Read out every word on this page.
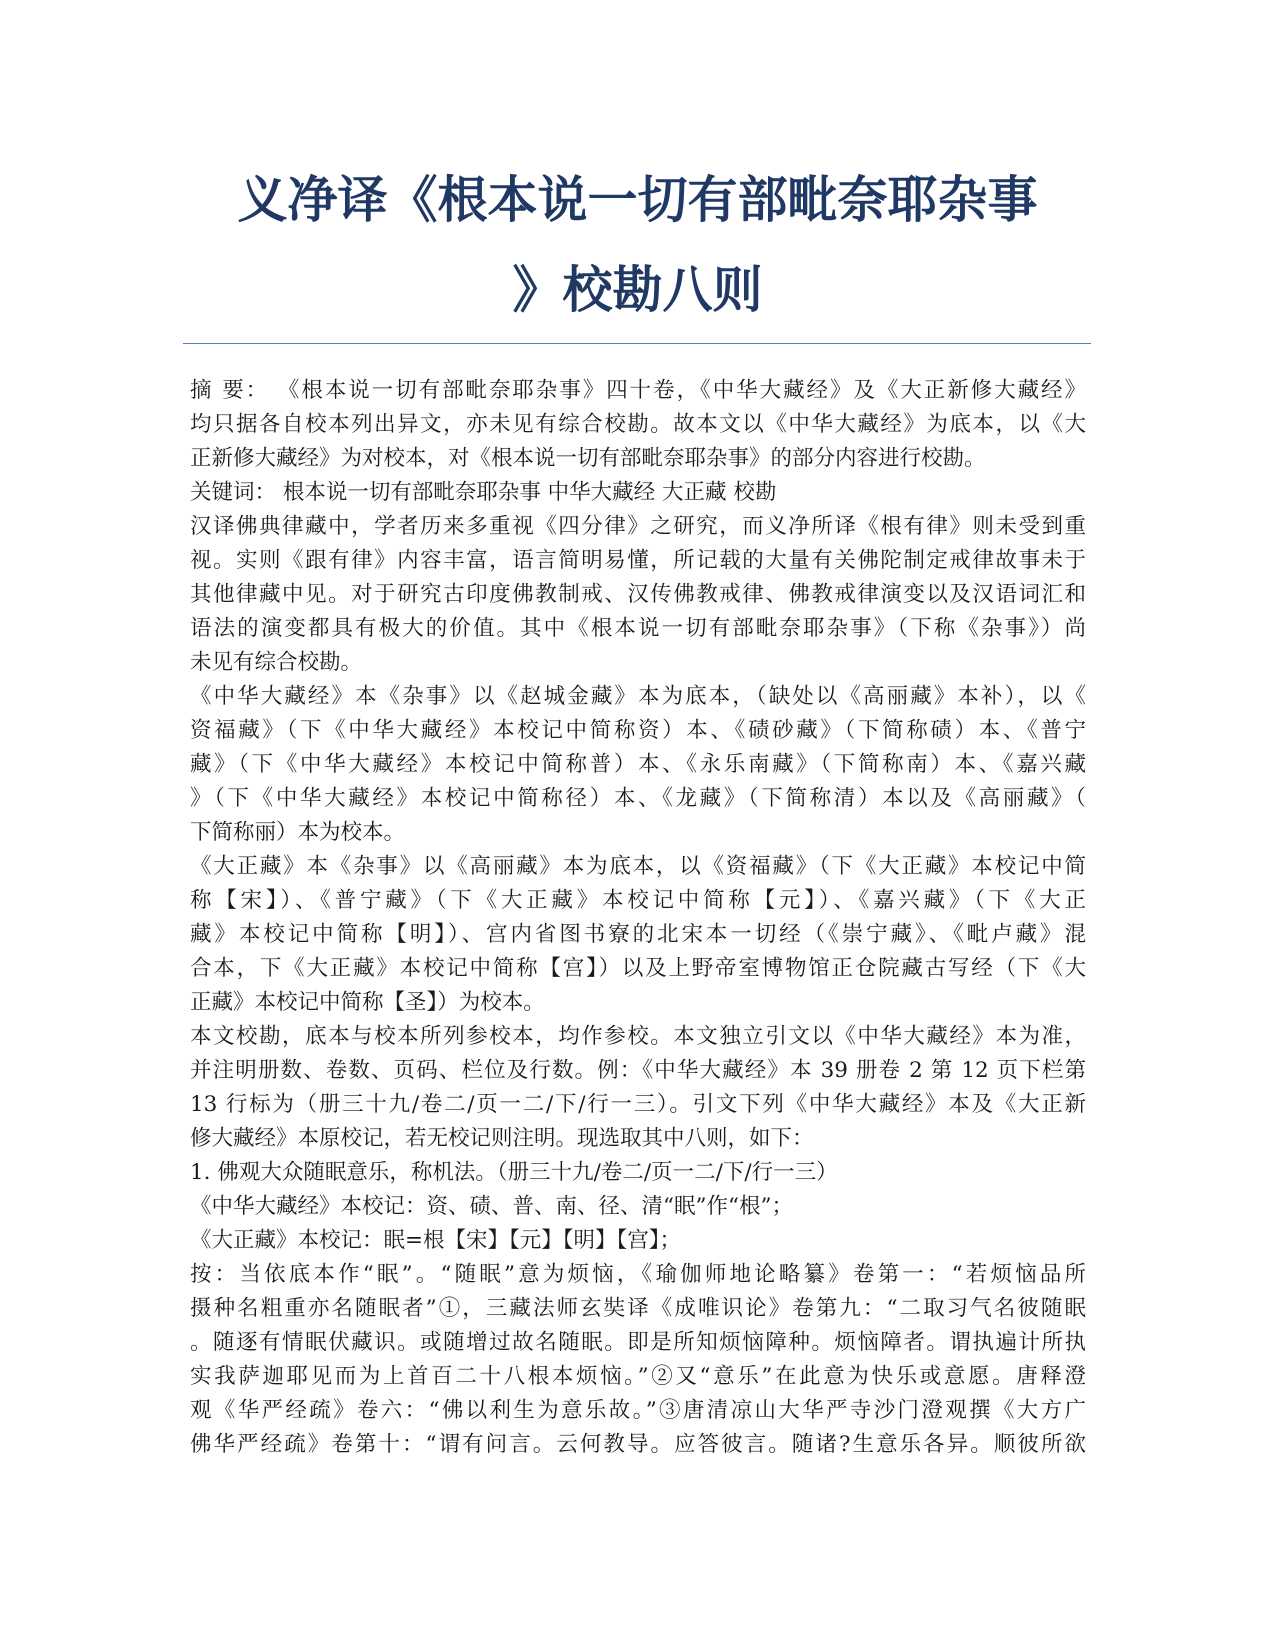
义净译《根本说一切有部毗奈耶杂事
》校勘八则
摘 要： 《根本说一切有部毗奈耶杂事》四十卷，《中华大藏经》及《大正新修大藏经》
均只据各自校本列出异文，亦未见有综合校勘。故本文以《中华大藏经》为底本，以《大
正新修大藏经》为对校本，对《根本说一切有部毗奈耶杂事》的部分内容进行校勘。
关键词： 根本说一切有部毗奈耶杂事 中华大藏经 大正藏 校勘
汉译佛典律藏中，学者历来多重视《四分律》之研究，而义净所译《根有律》则未受到重
视。实则《跟有律》内容丰富，语言简明易懂，所记载的大量有关佛陀制定戒律故事未于
其他律藏中见。对于研究古印度佛教制戒、汉传佛教戒律、佛教戒律演变以及汉语词汇和
语法的演变都具有极大的价值。其中《根本说一切有部毗奈耶杂事》（下称《杂事》）尚
未见有综合校勘。
《中华大藏经》本《杂事》以《赵城金藏》本为底本，（缺处以《高丽藏》本补），以《
资福藏》（下《中华大藏经》本校记中简称资）本、《碛砂藏》（下简称碛）本、《普宁
藏》（下《中华大藏经》本校记中简称普）本、《永乐南藏》（下简称南）本、《嘉兴藏
》（下《中华大藏经》本校记中简称径）本、《龙藏》（下简称清）本以及《高丽藏》（
下简称丽）本为校本。
《大正藏》本《杂事》以《高丽藏》本为底本，以《资福藏》（下《大正藏》本校记中简
称【宋】）、《普宁藏》（下《大正藏》本校记中简称【元】）、《嘉兴藏》（下《大正
藏》本校记中简称【明】）、宫内省图书寮的北宋本一切经（《崇宁藏》、《毗卢藏》混
合本，下《大正藏》本校记中简称【宫】）以及上野帝室博物馆正仓院藏古写经（下《大
正藏》本校记中简称【圣】）为校本。
本文校勘，底本与校本所列参校本，均作参校。本文独立引文以《中华大藏经》本为准，
并注明册数、卷数、页码、栏位及行数。例：《中华大藏经》本 39 册卷 2 第 12 页下栏第
13 行标为（册三十九/卷二/页一二/下/行一三）。引文下列《中华大藏经》本及《大正新
修大藏经》本原校记，若无校记则注明。现选取其中八则，如下：
1. 佛观大众随眠意乐，称机法。（册三十九/卷二/页一二/下/行一三）
《中华大藏经》本校记：资、碛、普、南、径、清“眠”作“根”；
《大正藏》本校记：眠=根【宋】【元】【明】【宫】；
按：当依底本作“眠”。“随眠”意为烦恼，《瑜伽师地论略纂》卷第一：“若烦恼品所
摄种名粗重亦名随眠者”①，三藏法师玄奘译《成唯识论》卷第九：“二取习气名彼随眠
。随逐有情眠伏藏识。或随增过故名随眠。即是所知烦恼障种。烦恼障者。谓执遍计所执
实我萨迦耶见而为上首百二十八根本烦恼。”②又“意乐”在此意为快乐或意愿。唐释澄
观《华严经疏》卷六：“佛以利生为意乐故。”③唐清凉山大华严寺沙门澄观撰《大方广
佛华严经疏》卷第十：“谓有问言。云何教导。应答彼言。随诸?生意乐各异。顺彼所欲
